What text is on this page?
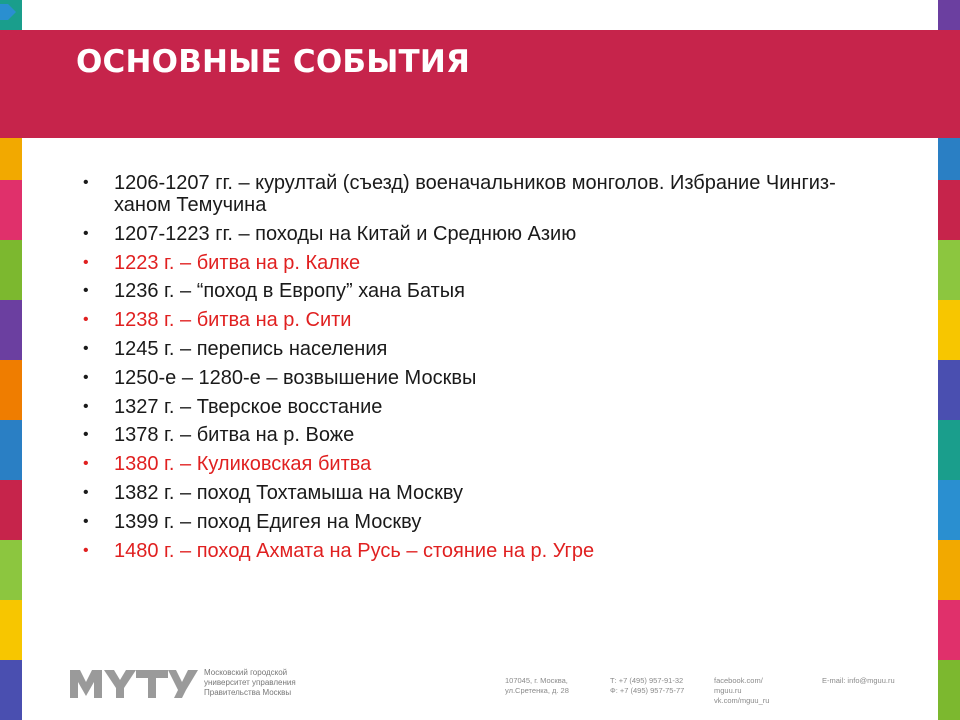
ОСНОВНЫЕ СОБЫТИЯ
• 1206-1207 гг. – курултай (съезд) военачальников монголов. Избрание Чингиз-ханом Темучина
• 1207-1223 гг. – походы на Китай и Среднюю Азию
• 1223 г. – битва на р. Калке
• 1236 г. – “поход в Европу” хана Батыя
• 1238 г. – битва на р. Сити
• 1245 г. – перепись населения
• 1250-е – 1280-е – возвышение Москвы
• 1327 г. – Тверское восстание
• 1378 г. – битва на р. Воже
• 1380 г. – Куликовская битва
• 1382 г. – поход Тохтамыша на Москву
• 1399 г. – поход Едигея на Москву
• 1480 г. – поход Ахмата на Русь – стояние на р. Угре
Московский городской
университет управления
Правительства Москвы
107045, г. Москва,
ул.Сретенка, д. 28
Т: +7 (495) 957-91-32
Ф: +7 (495) 957-75-77
facebook.com/
mguu.ru
vk.com/mguu_ru
E-mail: info@mguu.ru
